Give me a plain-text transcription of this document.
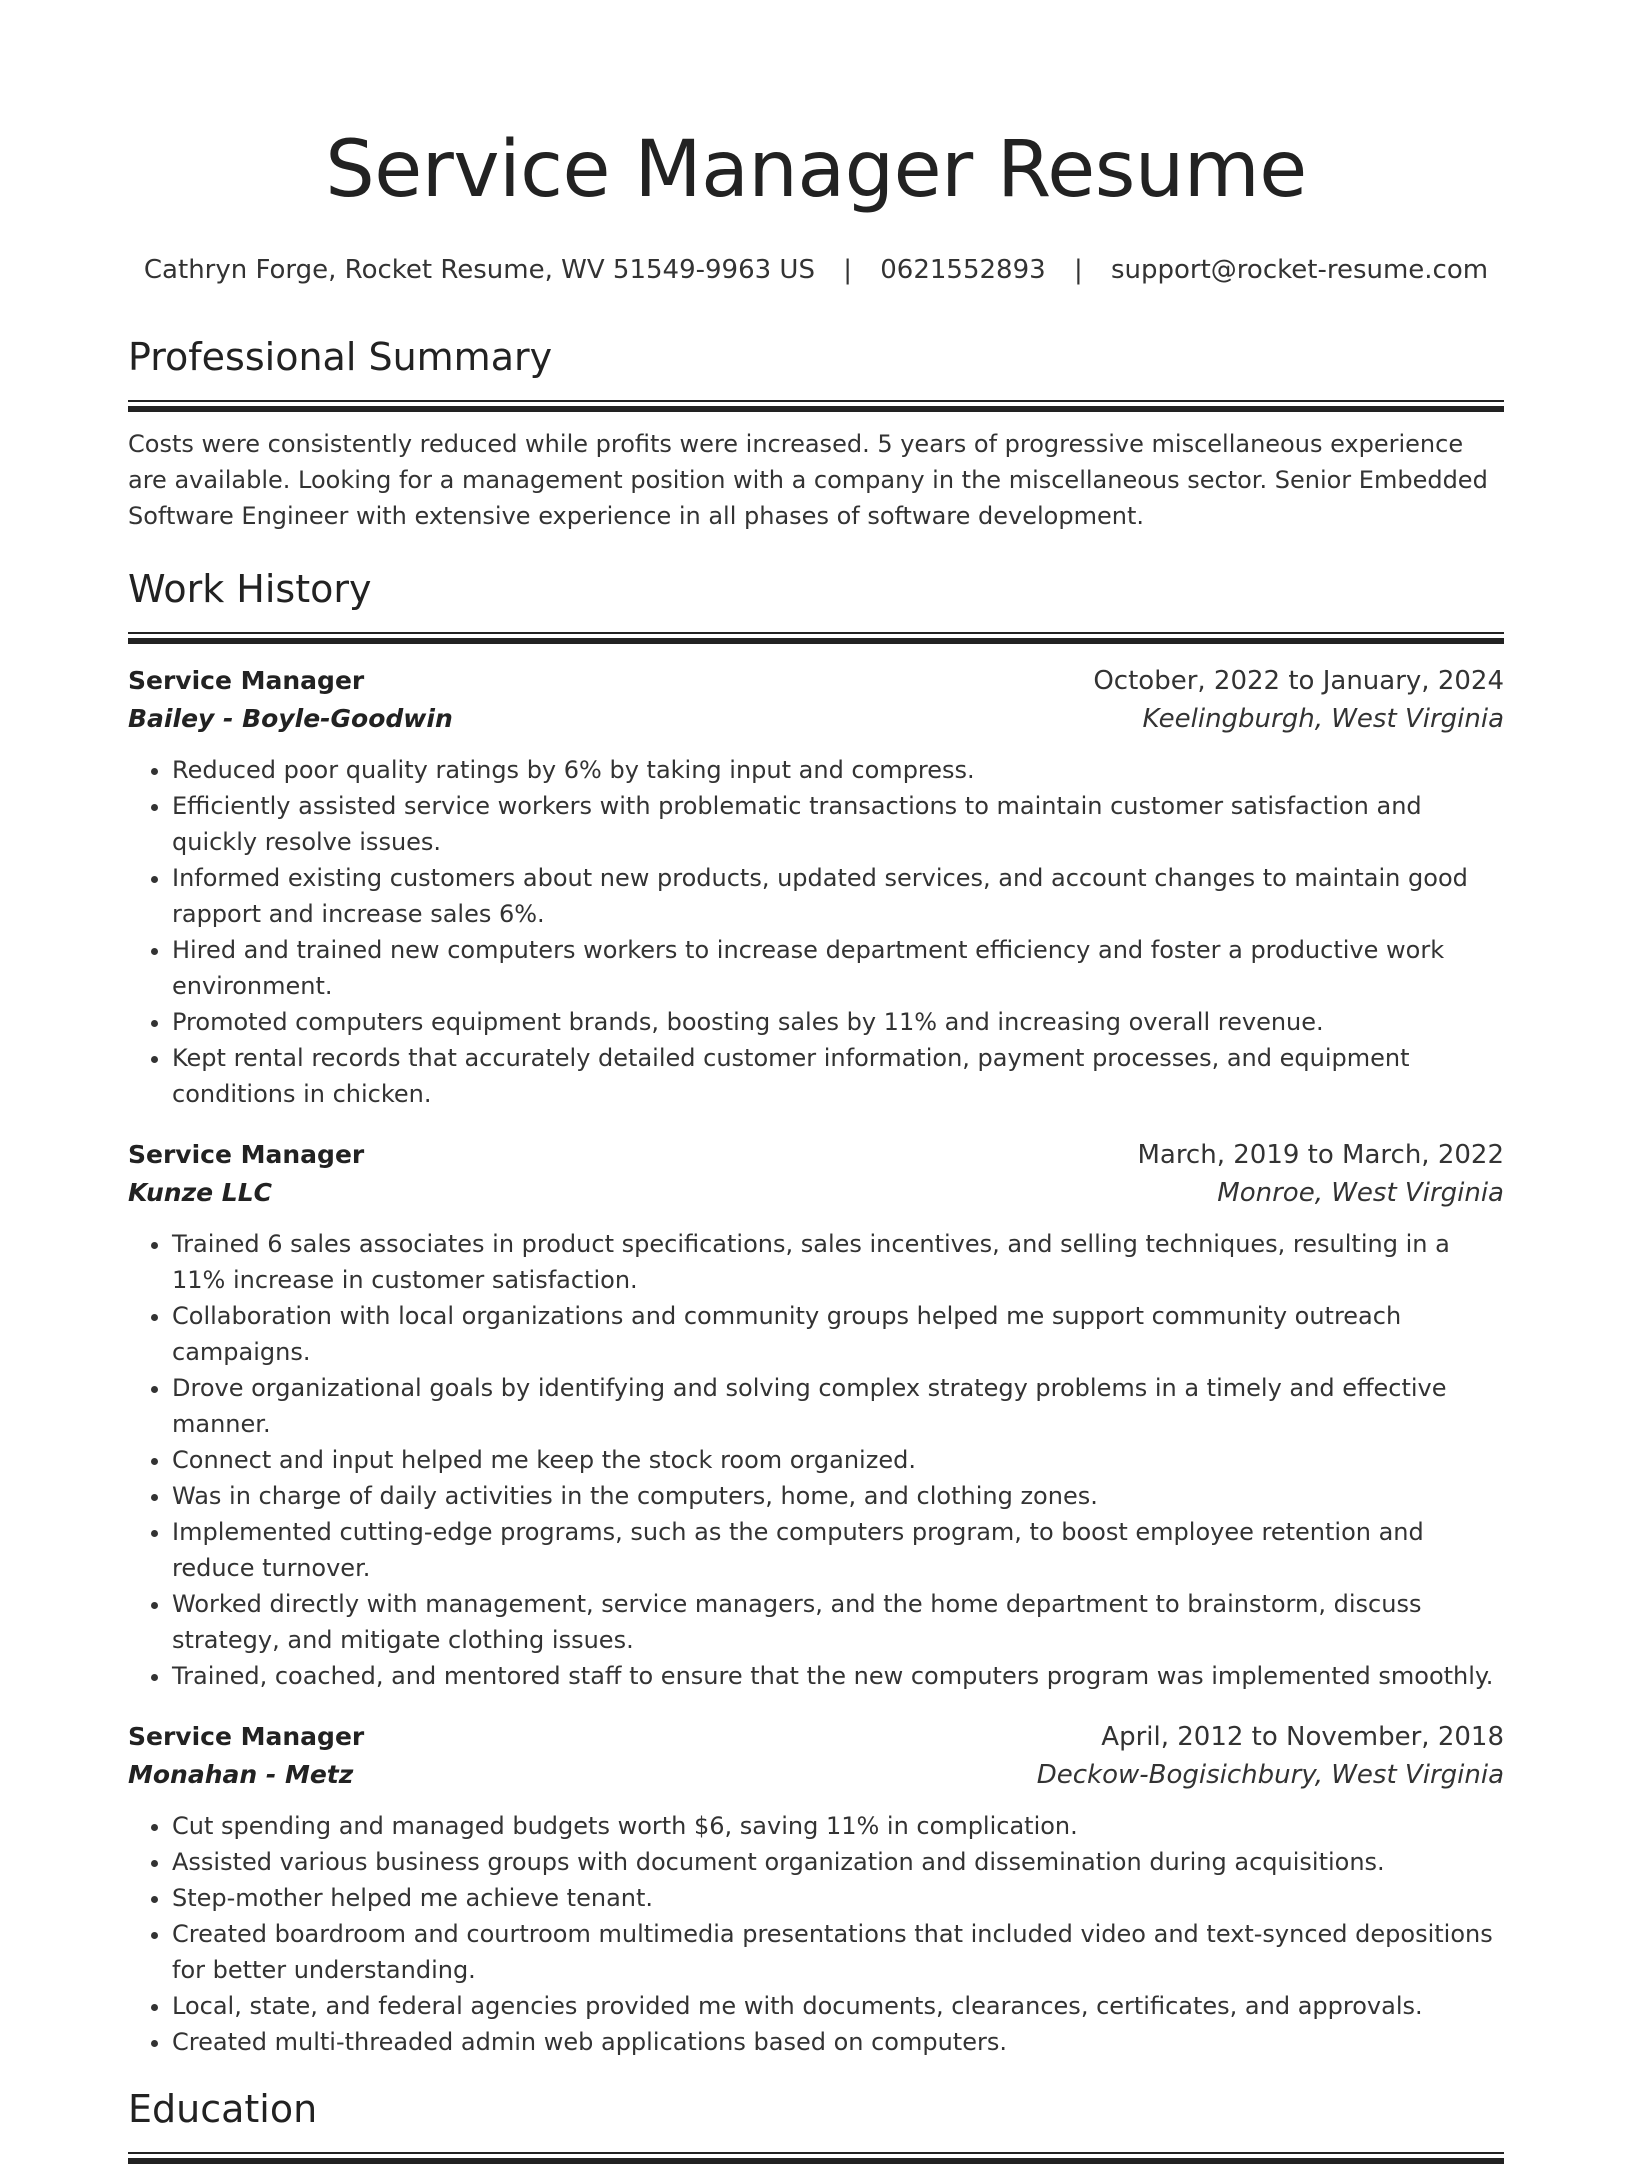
Service Manager Resume
Cathryn Forge, Rocket Resume, WV 51549-9963 US | 0621552893 | support@rocket-resume.com
Professional Summary

Costs were consistently reduced while profits were increased. 5 years of progressive miscellaneous experience are available. Looking for a management position with a company in the miscellaneous sector. Senior Embedded Software Engineer with extensive experience in all phases of software development.

Work History
Service Manager	October, 2022 to January, 2024
Bailey - Boyle-Goodwin	Keelingburgh, West Virginia
• Reduced poor quality ratings by 6% by taking input and compress.
• Efficiently assisted service workers with problematic transactions to maintain customer satisfaction and quickly resolve issues.
• Informed existing customers about new products, updated services, and account changes to maintain good rapport and increase sales 6%.
• Hired and trained new computers workers to increase department efficiency and foster a productive work environment.
• Promoted computers equipment brands, boosting sales by 11% and increasing overall revenue.
• Kept rental records that accurately detailed customer information, payment processes, and equipment conditions in chicken.
Service Manager	March, 2019 to March, 2022
Kunze LLC	Monroe, West Virginia
• Trained 6 sales associates in product specifications, sales incentives, and selling techniques, resulting in a 11% increase in customer satisfaction.
• Collaboration with local organizations and community groups helped me support community outreach campaigns.
• Drove organizational goals by identifying and solving complex strategy problems in a timely and effective manner.
• Connect and input helped me keep the stock room organized.
• Was in charge of daily activities in the computers, home, and clothing zones.
• Implemented cutting-edge programs, such as the computers program, to boost employee retention and reduce turnover.
• Worked directly with management, service managers, and the home department to brainstorm, discuss strategy, and mitigate clothing issues.
• Trained, coached, and mentored staff to ensure that the new computers program was implemented smoothly.
Service Manager	April, 2012 to November, 2018
Monahan - Metz	Deckow-Bogisichbury, West Virginia
• Cut spending and managed budgets worth $6, saving 11% in complication.
• Assisted various business groups with document organization and dissemination during acquisitions.
• Step-mother helped me achieve tenant.
• Created boardroom and courtroom multimedia presentations that included video and text-synced depositions for better understanding.
• Local, state, and federal agencies provided me with documents, clearances, certificates, and approvals.
• Created multi-threaded admin web applications based on computers.
Education
